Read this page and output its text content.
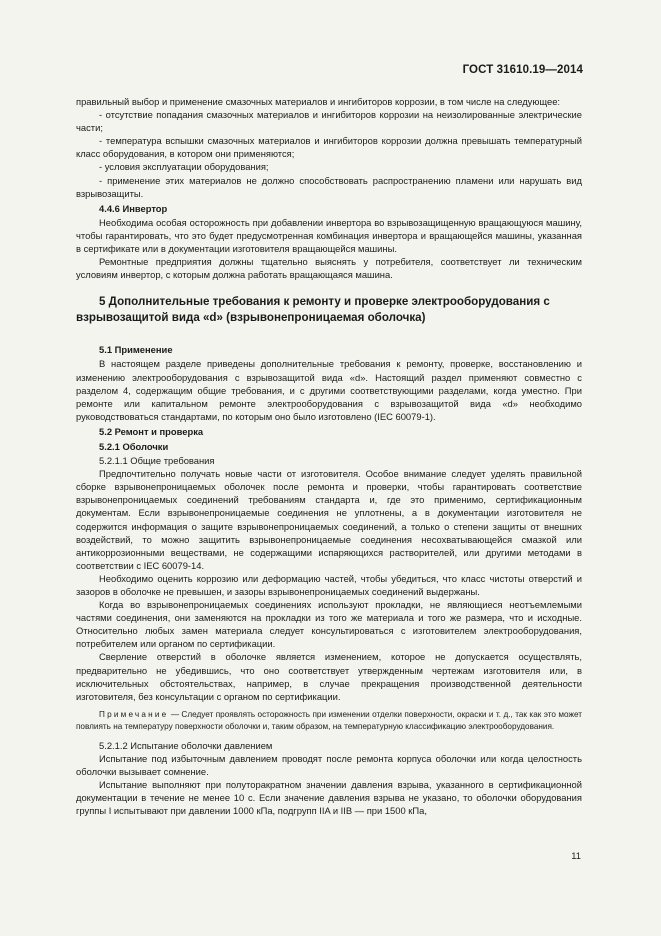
ГОСТ 31610.19—2014

правильный выбор и применение смазочных материалов и ингибиторов коррозии, в том числе на следующее:

- отсутствие попадания смазочных материалов и ингибиторов коррозии на неизолированные электрические части;

- температура вспышки смазочных материалов и ингибиторов коррозии должна превышать температурный класс оборудования, в котором они применяются;

- условия эксплуатации оборудования;

- применение этих материалов не должно способствовать распространению пламени или нарушать вид взрывозащиты.

4.4.6 Инвертор

Необходима особая осторожность при добавлении инвертора во взрывозащищенную вращающуюся машину, чтобы гарантировать, что это будет предусмотренная комбинация инвертора и вращающейся машины, указанная в сертификате или в документации изготовителя вращающейся машины.

Ремонтные предприятия должны тщательно выяснять у потребителя, соответствует ли техническим условиям инвертор, с которым должна работать вращающаяся машина.

5 Дополнительные требования к ремонту и проверке электрооборудования с взрывозащитой вида «d» (взрывонепроницаемая оболочка)

5.1 Применение

В настоящем разделе приведены дополнительные требования к ремонту, проверке, восстановлению и изменению электрооборудования с взрывозащитой вида «d». Настоящий раздел применяют совместно с разделом 4, содержащим общие требования, и с другими соответствующими разделами, когда уместно. При ремонте или капитальном ремонте электрооборудования с взрывозащитой вида «d» необходимо руководствоваться стандартами, по которым оно было изготовлено (IEC 60079-1).

5.2 Ремонт и проверка

5.2.1 Оболочки

5.2.1.1 Общие требования

Предпочтительно получать новые части от изготовителя. Особое внимание следует уделять правильной сборке взрывонепроницаемых оболочек после ремонта и проверки, чтобы гарантировать соответствие взрывонепроницаемых соединений требованиям стандарта и, где это применимо, сертификационным документам. Если взрывонепроницаемые соединения не уплотнены, а в документации изготовителя не содержится информация о защите взрывонепроницаемых соединений, а только о степени защиты от внешних воздействий, то можно защитить взрывонепроницаемые соединения несохватывающейся смазкой или антикоррозионными веществами, не содержащими испаряющихся растворителей, или другими методами в соответствии с IEC 60079-14.

Необходимо оценить коррозию или деформацию частей, чтобы убедиться, что класс чистоты отверстий и зазоров в оболочке не превышен, и зазоры взрывонепроницаемых соединений выдержаны.

Когда во взрывонепроницаемых соединениях используют прокладки, не являющиеся неотъемлемыми частями соединения, они заменяются на прокладки из того же материала и того же размера, что и исходные. Относительно любых замен материала следует консультироваться с изготовителем электрооборудования, потребителем или органом по сертификации.

Сверление отверстий в оболочке является изменением, которое не допускается осуществлять, предварительно не убедившись, что оно соответствует утвержденным чертежам изготовителя или, в исключительных обстоятельствах, например, в случае прекращения производственной деятельности изготовителя, без консультации с органом по сертификации.

Примечание — Следует проявлять осторожность при изменении отделки поверхности, окраски и т. д., так как это может повлиять на температуру поверхности оболочки и, таким образом, на температурную классификацию электрооборудования.

5.2.1.2 Испытание оболочки давлением

Испытание под избыточным давлением проводят после ремонта корпуса оболочки или когда целостность оболочки вызывает сомнение.

Испытание выполняют при полуторакратном значении давления взрыва, указанного в сертификационной документации в течение не менее 10 с. Если значение давления взрыва не указано, то оболочки оборудования группы I испытывают при давлении 1000 кПа, подгрупп IIA и IIB — при 1500 кПа,

11
